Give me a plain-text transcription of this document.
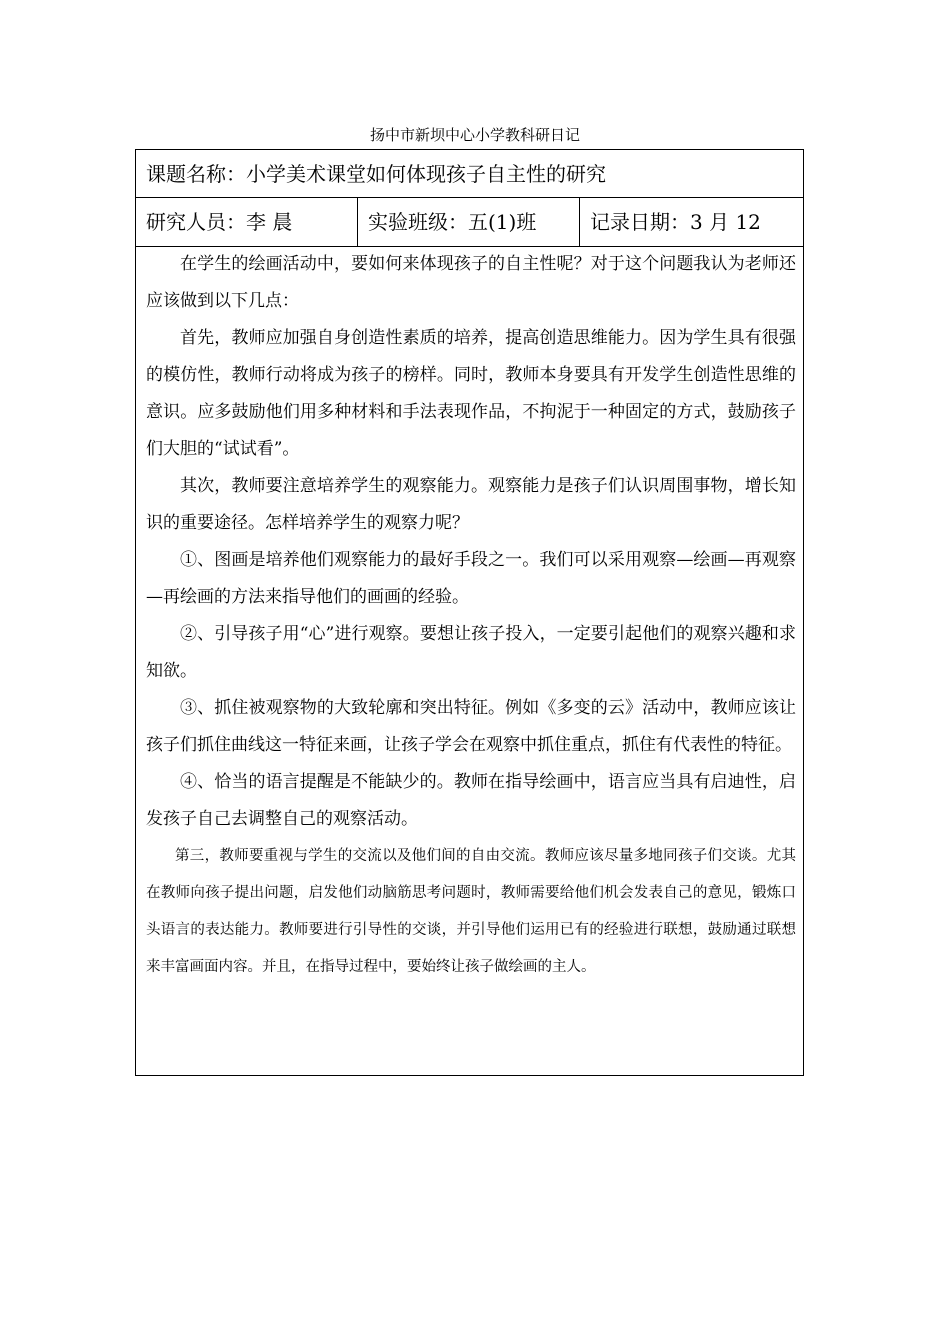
扬中市新坝中心小学教科研日记
课题名称：小学美术课堂如何体现孩子自主性的研究
研究人员：李 晨	实验班级：五(1)班	记录日期：3 月 12

在学生的绘画活动中，要如何来体现孩子的自主性呢？对于这个问题我认为老师还应该做到以下几点：

首先，教师应加强自身创造性素质的培养，提高创造思维能力。因为学生具有很强的模仿性，教师行动将成为孩子的榜样。同时，教师本身要具有开发学生创造性思维的意识。应多鼓励他们用多种材料和手法表现作品，不拘泥于一种固定的方式，鼓励孩子们大胆的“试试看”。

其次，教师要注意培养学生的观察能力。观察能力是孩子们认识周围事物，增长知识的重要途径。怎样培养学生的观察力呢？

①、图画是培养他们观察能力的最好手段之一。我们可以采用观察—绘画—再观察—再绘画的方法来指导他们的画画的经验。

②、引导孩子用“心”进行观察。要想让孩子投入，一定要引起他们的观察兴趣和求知欲。

③、抓住被观察物的大致轮廓和突出特征。例如《多变的云》活动中，教师应该让孩子们抓住曲线这一特征来画，让孩子学会在观察中抓住重点，抓住有代表性的特征。

④、恰当的语言提醒是不能缺少的。教师在指导绘画中，语言应当具有启迪性，启发孩子自己去调整自己的观察活动。

第三，教师要重视与学生的交流以及他们间的自由交流。教师应该尽量多地同孩子们交谈。尤其在教师向孩子提出问题，启发他们动脑筋思考问题时，教师需要给他们机会发表自己的意见，锻炼口头语言的表达能力。教师要进行引导性的交谈，并引导他们运用已有的经验进行联想，鼓励通过联想来丰富画面内容。并且，在指导过程中，要始终让孩子做绘画的主人。
